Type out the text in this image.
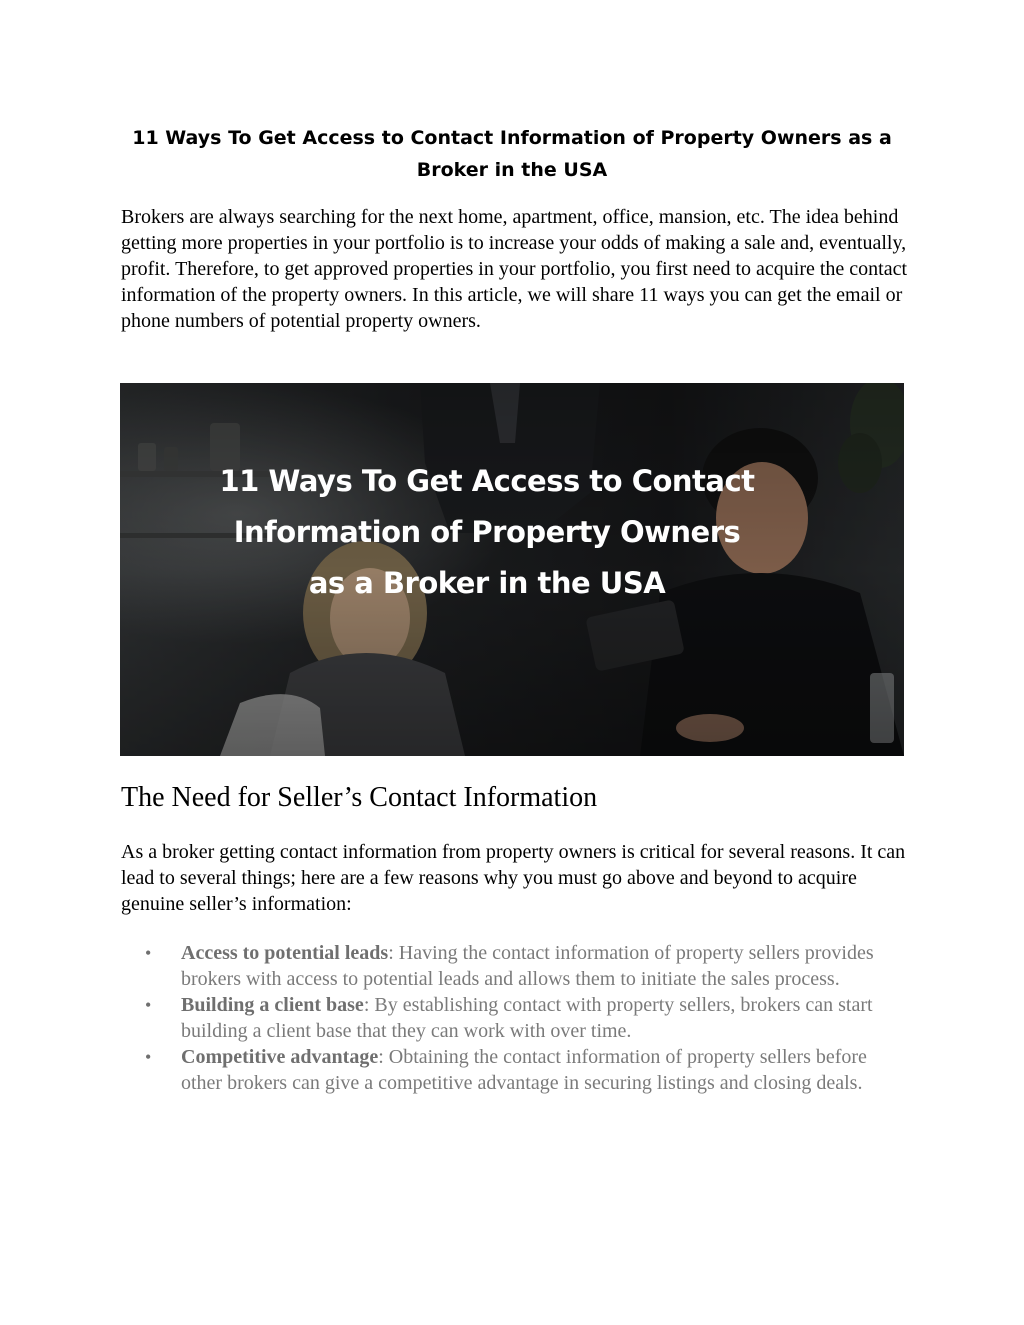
11 Ways To Get Access to Contact Information of Property Owners as a Broker in the USA

Brokers are always searching for the next home, apartment, office, mansion, etc. The idea behind getting more properties in your portfolio is to increase your odds of making a sale and, eventually, profit. Therefore, to get approved properties in your portfolio, you first need to acquire the contact information of the property owners. In this article, we will share 11 ways you can get the email or phone numbers of potential property owners.

11 Ways To Get Access to Contact Information of Property Owners as a Broker in the USA

The Need for Seller’s Contact Information

As a broker getting contact information from property owners is critical for several reasons. It can lead to several things; here are a few reasons why you must go above and beyond to acquire genuine seller’s information:

• Access to potential leads: Having the contact information of property sellers provides brokers with access to potential leads and allows them to initiate the sales process.
• Building a client base: By establishing contact with property sellers, brokers can start building a client base that they can work with over time.
• Competitive advantage: Obtaining the contact information of property sellers before other brokers can give a competitive advantage in securing listings and closing deals.
